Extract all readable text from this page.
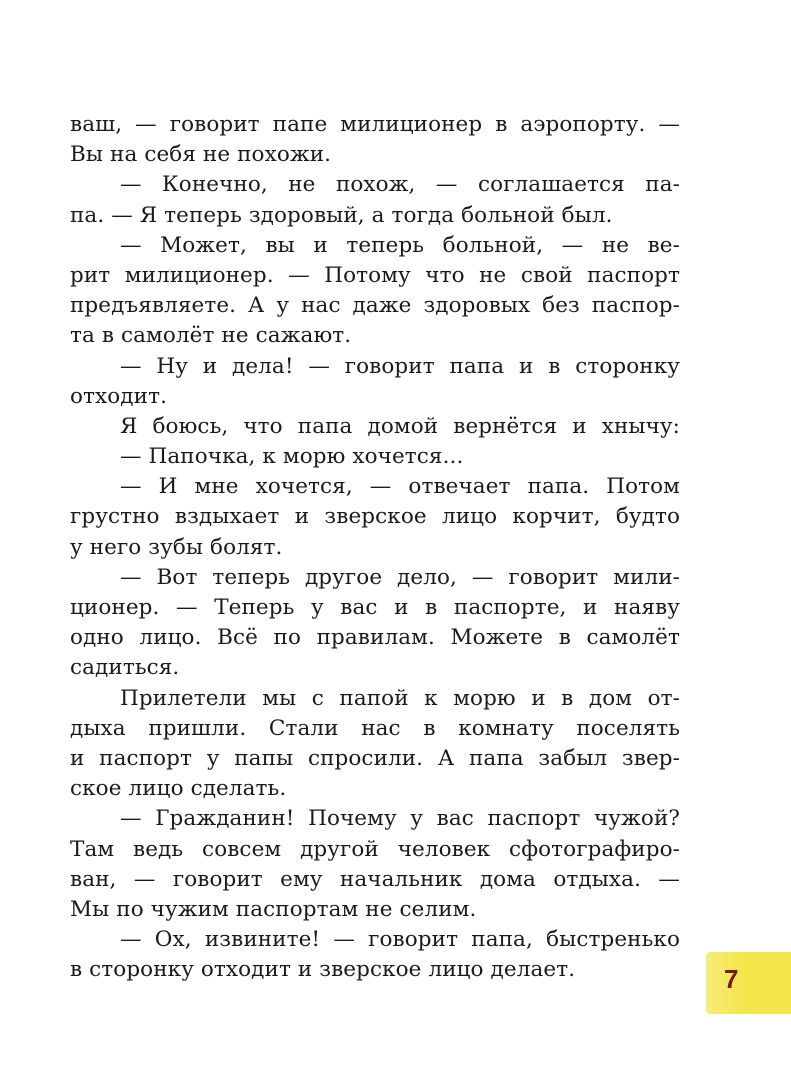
ваш, — говорит папе милиционер в аэропорту. —
Вы на себя не похожи.
— Конечно, не похож, — соглашается па-
па. — Я теперь здоровый, а тогда больной был.
— Может, вы и теперь больной, — не ве-
рит милиционер. — Потому что не свой паспорт
предъявляете. А у нас даже здоровых без паспор-
та в самолёт не сажают.
— Ну и дела! — говорит папа и в сторонку
отходит.
Я боюсь, что папа домой вернётся и хнычу:
— Папочка, к морю хочется...
— И мне хочется, — отвечает папа. Потом
грустно вздыхает и зверское лицо корчит, будто
у него зубы болят.
— Вот теперь другое дело, — говорит мили-
ционер. — Теперь у вас и в паспорте, и наяву
одно лицо. Всё по правилам. Можете в самолёт
садиться.
Прилетели мы с папой к морю и в дом от-
дыха пришли. Стали нас в комнату поселять
и паспорт у папы спросили. А папа забыл звер-
ское лицо сделать.
— Гражданин! Почему у вас паспорт чужой?
Там ведь совсем другой человек сфотографиро-
ван, — говорит ему начальник дома отдыха. —
Мы по чужим паспортам не селим.
— Ох, извините! — говорит папа, быстренько
в сторонку отходит и зверское лицо делает.	7
